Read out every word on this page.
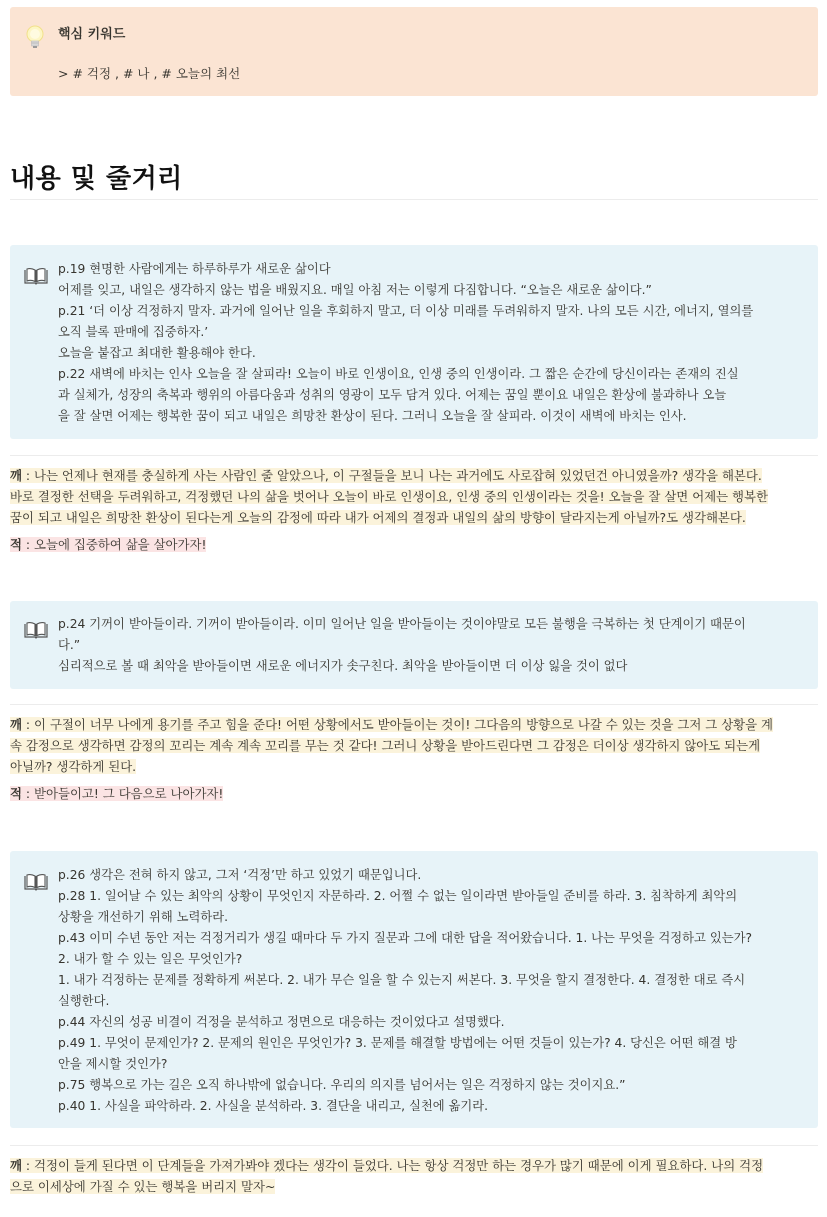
핵심 키워드
> # 걱정 , # 나 , # 오늘의 최선
내용 및 줄거리
p.19 현명한 사람에게는 하루하루가 새로운 삶이다
어제를 잊고, 내일은 생각하지 않는 법을 배웠지요. 매일 아침 저는 이렇게 다짐합니다. “오늘은 새로운 삶이다.”
p.21 ‘더 이상 걱정하지 말자. 과거에 일어난 일을 후회하지 말고, 더 이상 미래를 두려워하지 말자. 나의 모든 시간, 에너지, 열의를
오직 블록 판매에 집중하자.’
오늘을 붙잡고 최대한 활용해야 한다.
p.22 새벽에 바치는 인사 오늘을 잘 살피라! 오늘이 바로 인생이요, 인생 중의 인생이라. 그 짧은 순간에 당신이라는 존재의 진실
과 실체가, 성장의 축복과 행위의 아름다움과 성취의 영광이 모두 담겨 있다. 어제는 꿈일 뿐이요 내일은 환상에 불과하나 오늘
을 잘 살면 어제는 행복한 꿈이 되고 내일은 희망찬 환상이 된다. 그러니 오늘을 잘 살피라. 이것이 새벽에 바치는 인사.
깨 : 나는 언제나 현재를 충실하게 사는 사람인 줄 알았으나, 이 구절들을 보니 나는 과거에도 사로잡혀 있었던건 아니였을까? 생각을 해본다.
바로 결정한 선택을 두려워하고, 걱정했던 나의 삶을 벗어나 오늘이 바로 인생이요, 인생 중의 인생이라는 것을! 오늘을 잘 살면 어제는 행복한
꿈이 되고 내일은 희망찬 환상이 된다는게 오늘의 감정에 따라 내가 어제의 결정과 내일의 삶의 방향이 달라지는게 아닐까?도 생각해본다.
적 : 오늘에 집중하여 삶을 살아가자!
p.24 기꺼이 받아들이라. 기꺼이 받아들이라. 이미 일어난 일을 받아들이는 것이야말로 모든 불행을 극복하는 첫 단계이기 때문이
다.”
심리적으로 볼 때 최악을 받아들이면 새로운 에너지가 솟구친다. 최악을 받아들이면 더 이상 잃을 것이 없다
깨 : 이 구절이 너무 나에게 용기를 주고 힘을 준다! 어떤 상황에서도 받아들이는 것이! 그다음의 방향으로 나갈 수 있는 것을 그저 그 상황을 계
속 감정으로 생각하면 감정의 꼬리는 계속 계속 꼬리를 무는 것 같다! 그러니 상황을 받아드린다면 그 감정은 더이상 생각하지 않아도 되는게
아닐까? 생각하게 된다.
적 : 받아들이고! 그 다음으로 나아가자!
p.26 생각은 전혀 하지 않고, 그저 ‘걱정’만 하고 있었기 때문입니다.
p.28 1. 일어날 수 있는 최악의 상황이 무엇인지 자문하라. 2. 어쩔 수 없는 일이라면 받아들일 준비를 하라. 3. 침착하게 최악의
상황을 개선하기 위해 노력하라.
p.43 이미 수년 동안 저는 걱정거리가 생길 때마다 두 가지 질문과 그에 대한 답을 적어왔습니다. 1. 나는 무엇을 걱정하고 있는가?
2. 내가 할 수 있는 일은 무엇인가?
1. 내가 걱정하는 문제를 정확하게 써본다. 2. 내가 무슨 일을 할 수 있는지 써본다. 3. 무엇을 할지 결정한다. 4. 결정한 대로 즉시
실행한다.
p.44 자신의 성공 비결이 걱정을 분석하고 정면으로 대응하는 것이었다고 설명했다.
p.49 1. 무엇이 문제인가? 2. 문제의 원인은 무엇인가? 3. 문제를 해결할 방법에는 어떤 것들이 있는가? 4. 당신은 어떤 해결 방
안을 제시할 것인가?
p.75 행복으로 가는 길은 오직 하나밖에 없습니다. 우리의 의지를 넘어서는 일은 걱정하지 않는 것이지요.”
p.40 1. 사실을 파악하라. 2. 사실을 분석하라. 3. 결단을 내리고, 실천에 옮기라.
깨 : 걱정이 들게 된다면 이 단계들을 가져가봐야 겠다는 생각이 들었다. 나는 항상 걱정만 하는 경우가 많기 때문에 이게 필요하다. 나의 걱정
으로 이세상에 가질 수 있는 행복을 버리지 말자~
